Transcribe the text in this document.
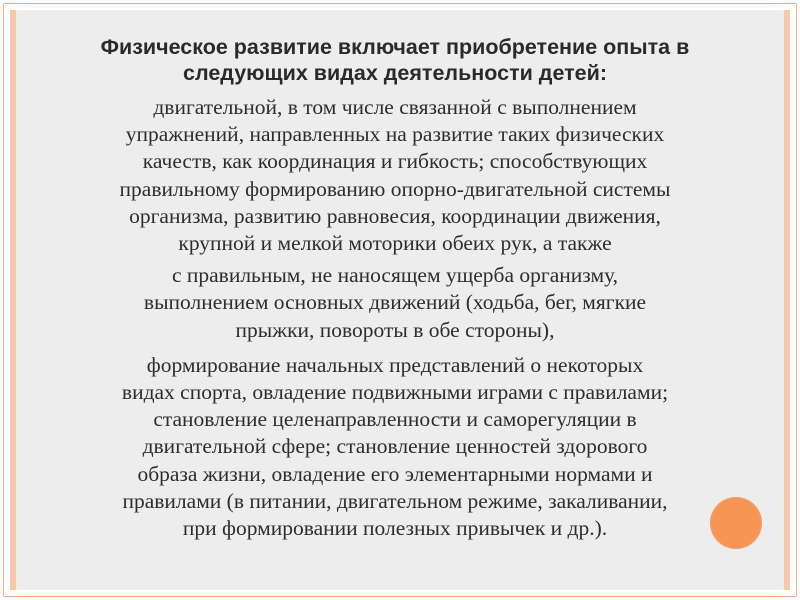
Физическое развитие включает приобретение опыта в
следующих видах деятельности детей:
двигательной, в том числе связанной с выполнением
упражнений, направленных на развитие таких физических
качеств, как координация и гибкость; способствующих
правильному формированию опорно-двигательной системы
организма, развитию равновесия, координации движения,
крупной и мелкой моторики обеих рук, а также
с правильным, не наносящем ущерба организму,
выполнением основных движений (ходьба, бег, мягкие
прыжки, повороты в обе стороны),
формирование начальных представлений о некоторых
видах спорта, овладение подвижными играми с правилами;
становление целенаправленности и саморегуляции в
двигательной сфере; становление ценностей здорового
образа жизни, овладение его элементарными нормами и
правилами (в питании, двигательном режиме, закаливании,
при формировании полезных привычек и др.).
